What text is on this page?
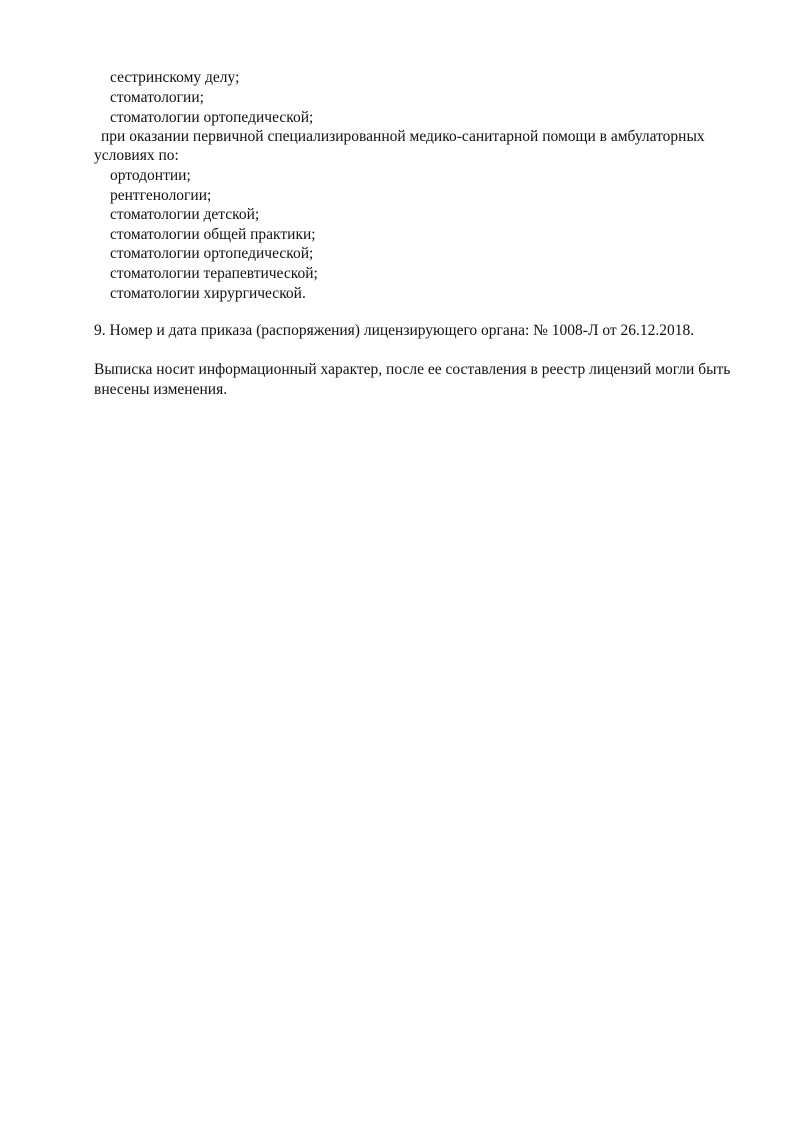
сестринскому делу;
стоматологии;
стоматологии ортопедической;
при оказании первичной специализированной медико-санитарной помощи в амбулаторных
условиях по:
ортодонтии;
рентгенологии;
стоматологии детской;
стоматологии общей практики;
стоматологии ортопедической;
стоматологии терапевтической;
стоматологии хирургической.
9. Номер и дата приказа (распоряжения) лицензирующего органа: № 1008-Л от 26.12.2018.
Выписка носит информационный характер, после ее составления в реестр лицензий могли быть
внесены изменения.
